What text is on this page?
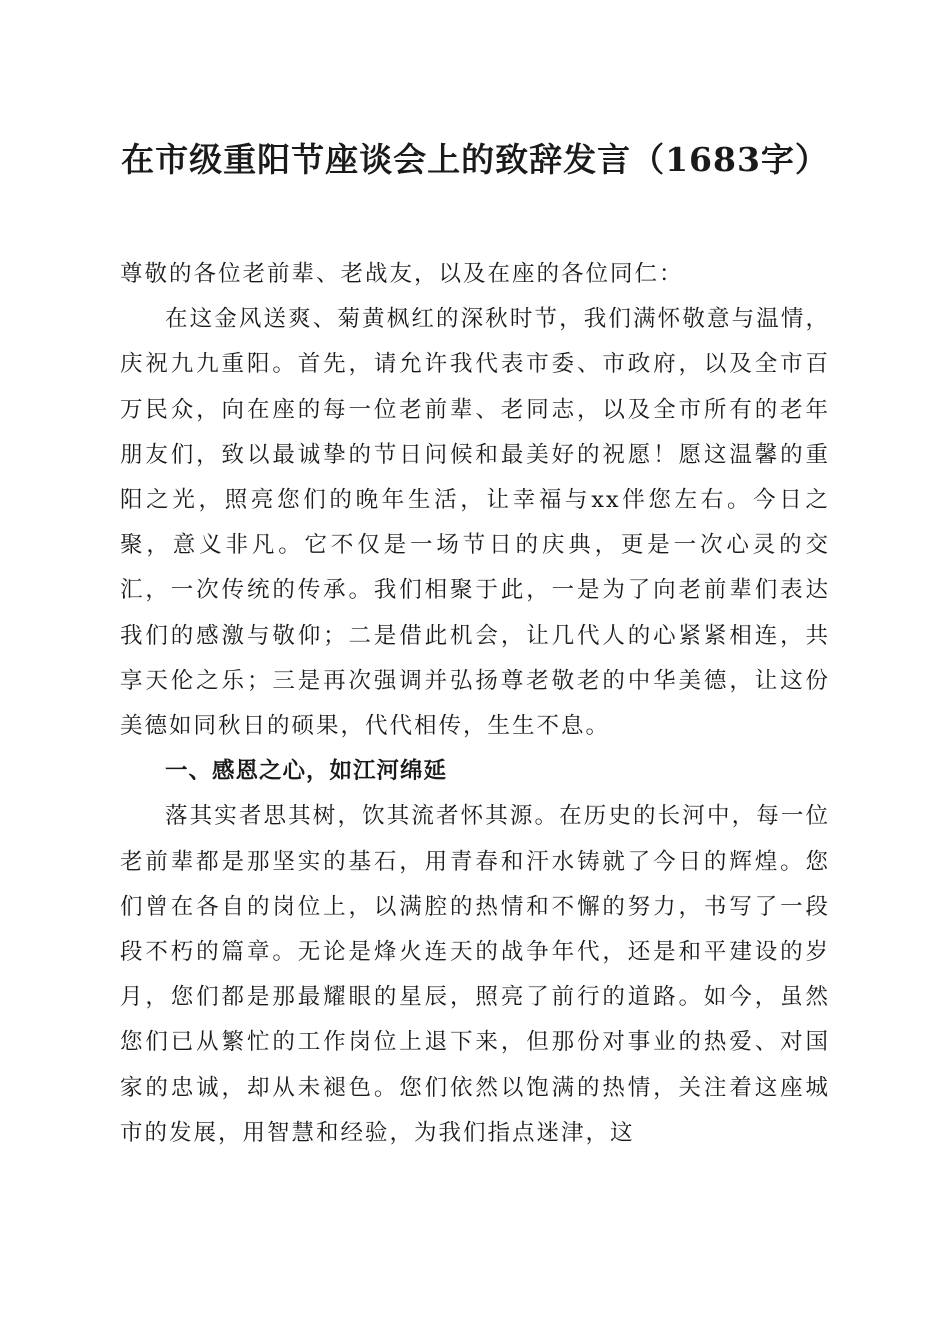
在市级重阳节座谈会上的致辞发言（1683字）

尊敬的各位老前辈、老战友，以及在座的各位同仁：

在这金风送爽、菊黄枫红的深秋时节，我们满怀敬意与温情，庆祝九九重阳。首先，请允许我代表市委、市政府，以及全市百万民众，向在座的每一位老前辈、老同志，以及全市所有的老年朋友们，致以最诚挚的节日问候和最美好的祝愿！愿这温馨的重阳之光，照亮您们的晚年生活，让幸福与xx伴您左右。今日之聚，意义非凡。它不仅是一场节日的庆典，更是一次心灵的交汇，一次传统的传承。我们相聚于此，一是为了向老前辈们表达我们的感激与敬仰；二是借此机会，让几代人的心紧紧相连，共享天伦之乐；三是再次强调并弘扬尊老敬老的中华美德，让这份美德如同秋日的硕果，代代相传，生生不息。

一、感恩之心，如江河绵延

落其实者思其树，饮其流者怀其源。在历史的长河中，每一位老前辈都是那坚实的基石，用青春和汗水铸就了今日的辉煌。您们曾在各自的岗位上，以满腔的热情和不懈的努力，书写了一段段不朽的篇章。无论是烽火连天的战争年代，还是和平建设的岁月，您们都是那最耀眼的星辰，照亮了前行的道路。如今，虽然您们已从繁忙的工作岗位上退下来，但那份对事业的热爱、对国家的忠诚，却从未褪色。您们依然以饱满的热情，关注着这座城市的发展，用智慧和经验，为我们指点迷津，这
